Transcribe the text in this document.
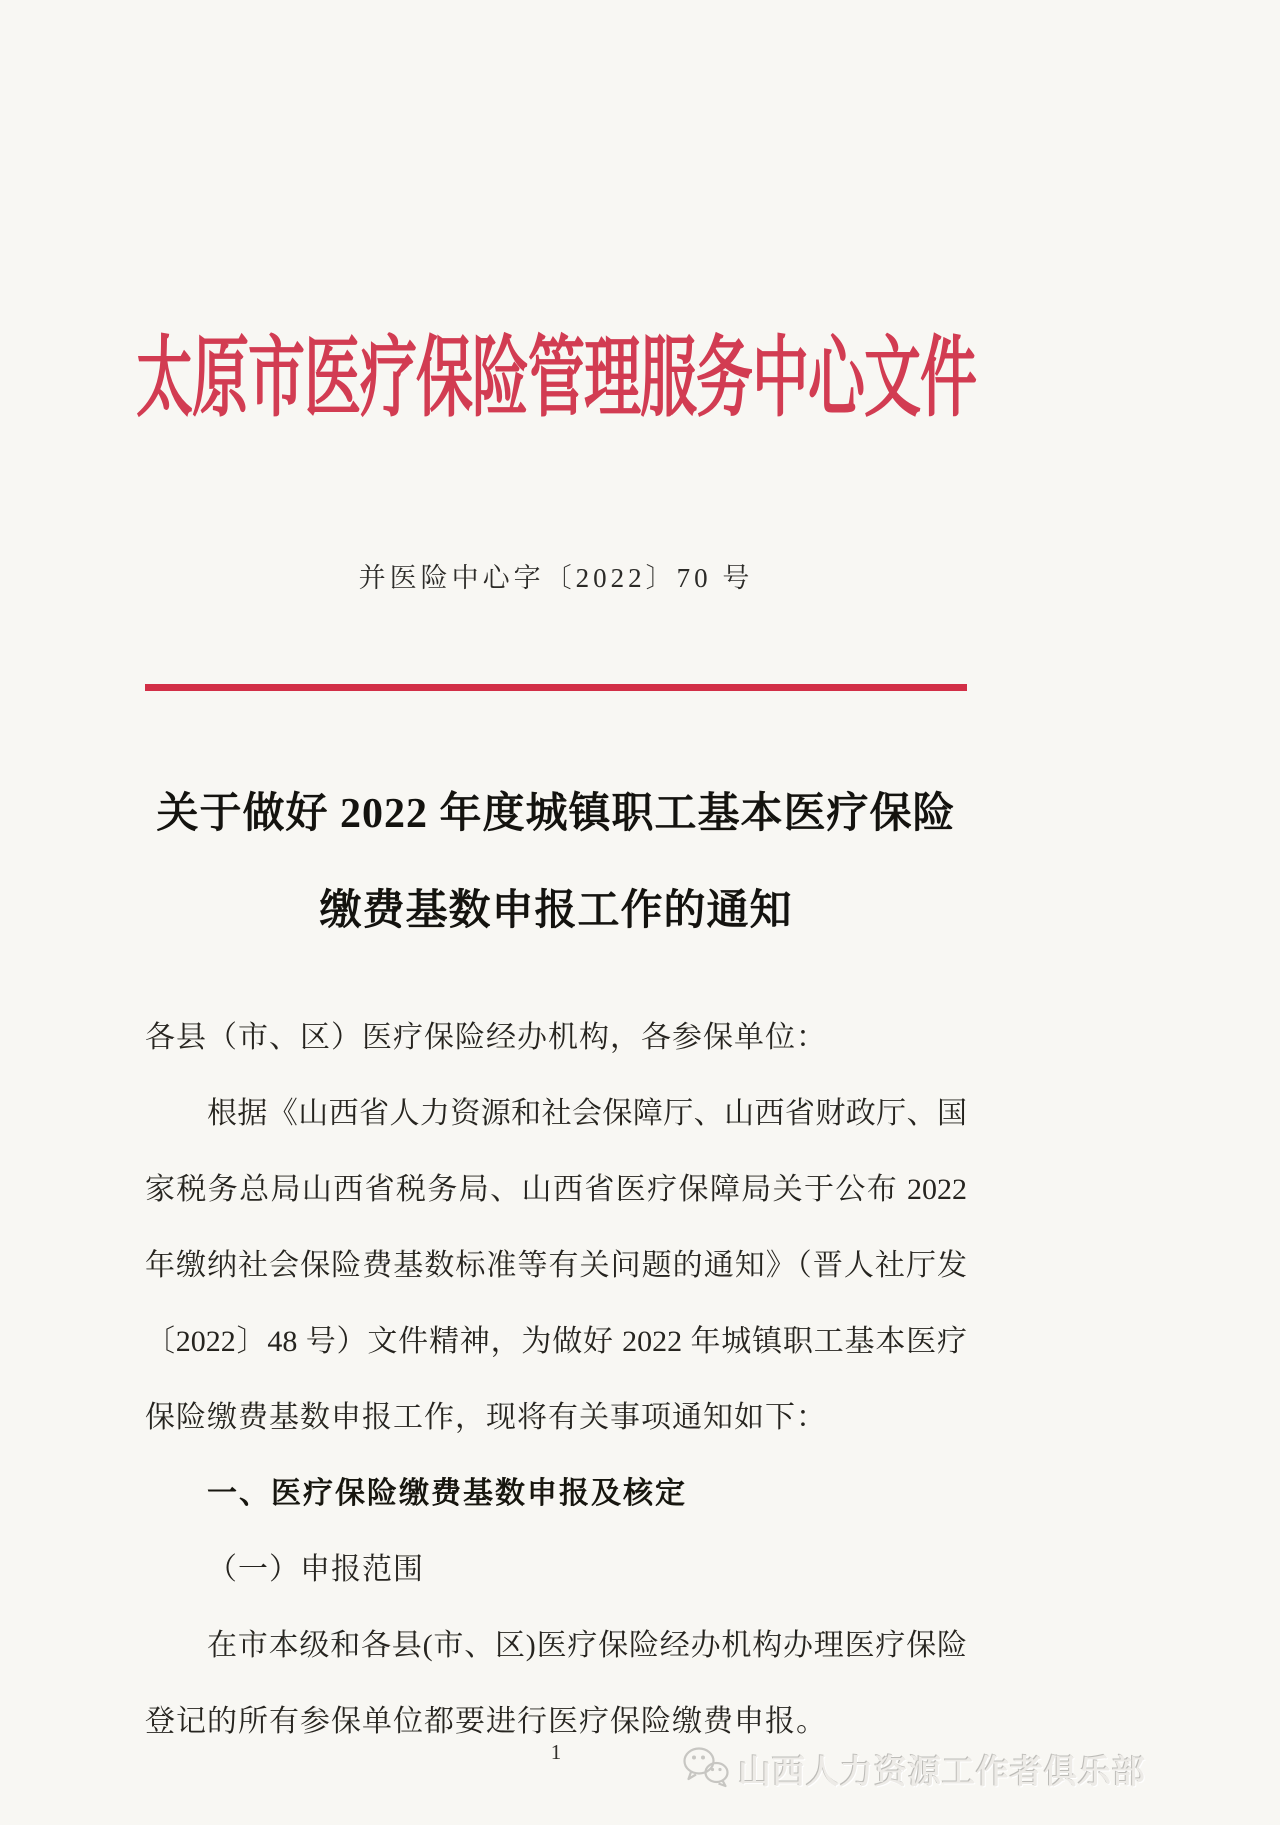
太原市医疗保险管理服务中心文件
并医险中心字〔2022〕70 号
关于做好 2022 年度城镇职工基本医疗保险
缴费基数申报工作的通知
各县（市、区）医疗保险经办机构，各参保单位：
根据《山西省人力资源和社会保障厅、山西省财政厅、国
家税务总局山西省税务局、山西省医疗保障局关于公布 2022
年缴纳社会保险费基数标准等有关问题的通知》（晋人社厅发
〔2022〕48 号）文件精神，为做好 2022 年城镇职工基本医疗
保险缴费基数申报工作，现将有关事项通知如下：
一、医疗保险缴费基数申报及核定
（一）申报范围
在市本级和各县(市、区)医疗保险经办机构办理医疗保险
登记的所有参保单位都要进行医疗保险缴费申报。
1
山西人力资源工作者俱乐部
